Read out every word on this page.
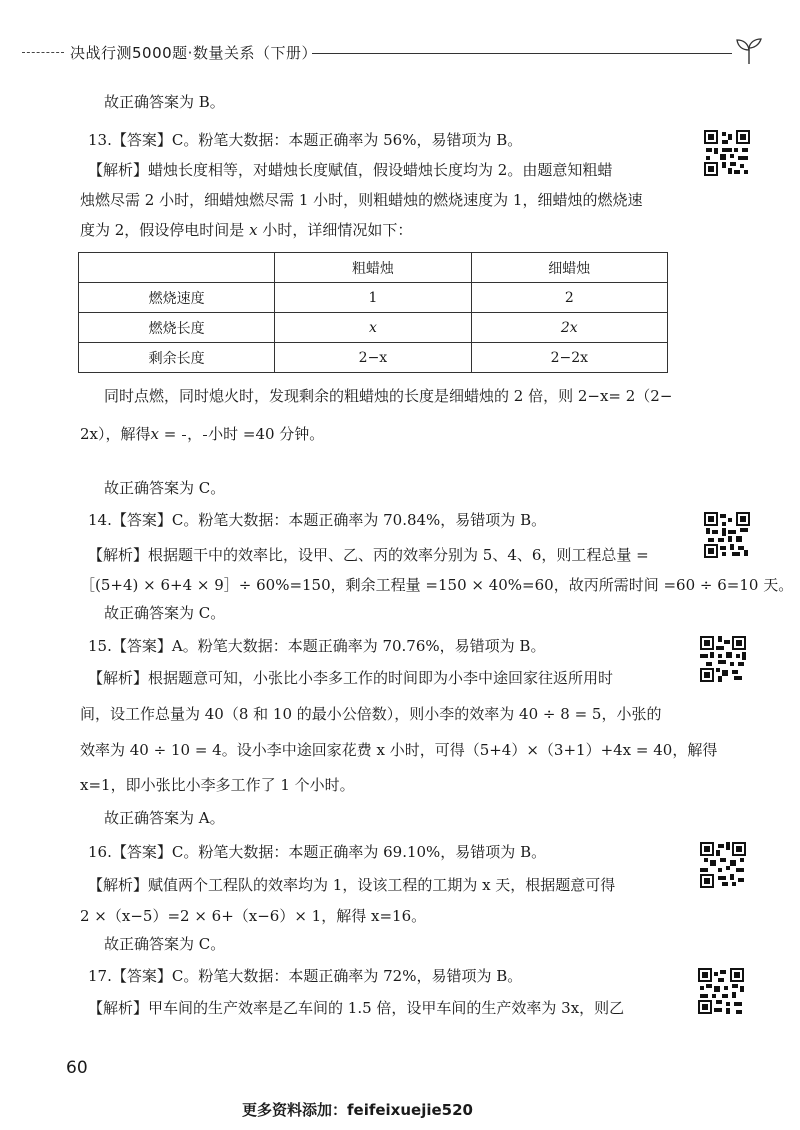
决战行测5000题·数量关系（下册）
故正确答案为 B。
13.【答案】C。粉笔大数据：本题正确率为 56%，易错项为 B。
【解析】蜡烛长度相等，对蜡烛长度赋值，假设蜡烛长度均为 2。由题意知粗蜡
烛燃尽需 2 小时，细蜡烛燃尽需 1 小时，则粗蜡烛的燃烧速度为 1，细蜡烛的燃烧速
度为 2，假设停电时间是 x 小时，详细情况如下：
	粗蜡烛	细蜡烛
燃烧速度	1	2
燃烧长度	x	2x
剩余长度	2−x	2−2x
同时点燃，同时熄火时，发现剩余的粗蜡烛的长度是细蜡烛的 2 倍，则 2−x= 2（2−
2x），解得x =
， 小时 =40 分钟。
故正确答案为 C。
14.【答案】C。粉笔大数据：本题正确率为 70.84%，易错项为 B。
【解析】根据题干中的效率比，设甲、乙、丙的效率分别为 5、4、6，则工程总量 =
［(5+4) × 6+4 × 9］÷ 60%=150，剩余工程量 =150 × 40%=60，故丙所需时间 =60 ÷ 6=10 天。
故正确答案为 C。
15.【答案】A。粉笔大数据：本题正确率为 70.76%，易错项为 B。
【解析】根据题意可知，小张比小李多工作的时间即为小李中途回家往返所用时
间，设工作总量为 40（8 和 10 的最小公倍数），则小李的效率为 40 ÷ 8 = 5，小张的
效率为 40 ÷ 10 = 4。设小李中途回家花费 x 小时，可得（5+4）×（3+1）+4x = 40，解得
x=1，即小张比小李多工作了 1 个小时。
故正确答案为 A。
16.【答案】C。粉笔大数据：本题正确率为 69.10%，易错项为 B。
【解析】赋值两个工程队的效率均为 1，设该工程的工期为 x 天，根据题意可得
2 ×（x−5）=2 × 6+（x−6）× 1，解得 x=16。
故正确答案为 C。
17.【答案】C。粉笔大数据：本题正确率为 72%，易错项为 B。
【解析】甲车间的生产效率是乙车间的 1.5 倍，设甲车间的生产效率为 3x，则乙
60
更多资料添加：feifeixuejie520
